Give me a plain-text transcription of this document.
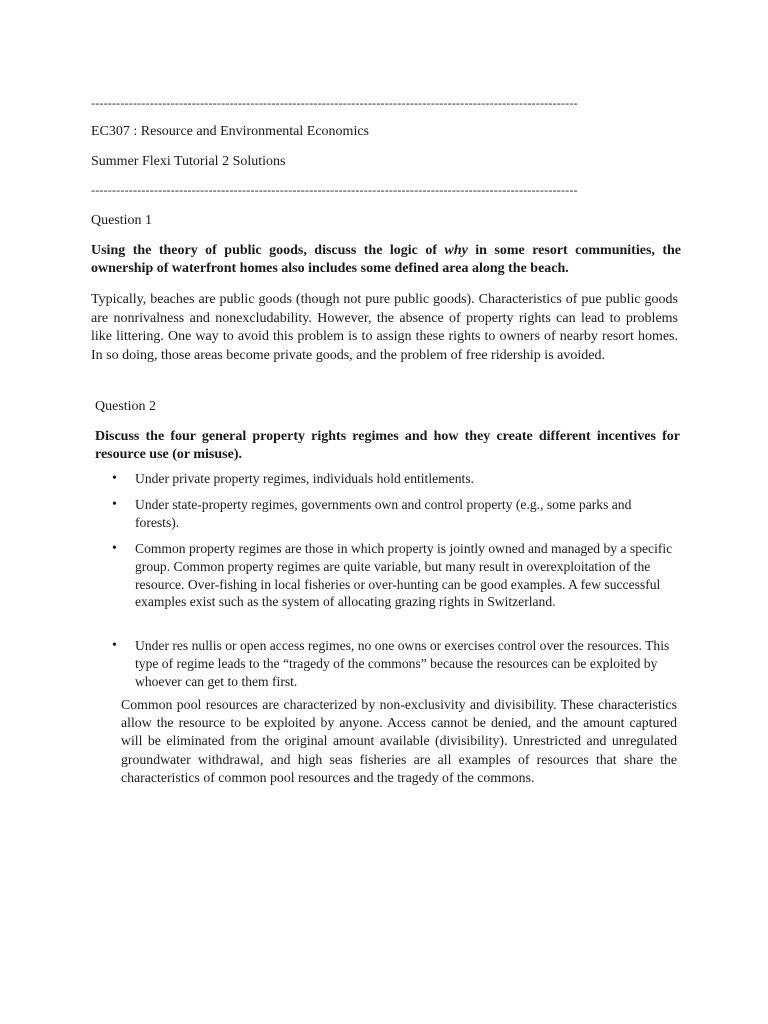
--------------------------------------------------------------------------------------------------------------------
EC307 : Resource and Environmental Economics
Summer Flexi Tutorial 2 Solutions
--------------------------------------------------------------------------------------------------------------------
Question 1
Using the theory of public goods, discuss the logic of why in some resort communities, the ownership of waterfront homes also includes some defined area along the beach.
Typically, beaches are public goods (though not pure public goods). Characteristics of pue public goods are nonrivalness and nonexcludability. However, the absence of property rights can lead to problems like littering. One way to avoid this problem is to assign these rights to owners of nearby resort homes. In so doing, those areas become private goods, and the problem of free ridership is avoided.
Question 2
Discuss the four general property rights regimes and how they create different incentives for resource use (or misuse).
• Under private property regimes, individuals hold entitlements.
• Under state-property regimes, governments own and control property (e.g., some parks and forests).
• Common property regimes are those in which property is jointly owned and managed by a specific group. Common property regimes are quite variable, but many result in overexploitation of the resource. Over-fishing in local fisheries or over-hunting can be good examples. A few successful examples exist such as the system of allocating grazing rights in Switzerland.
• Under res nullis or open access regimes, no one owns or exercises control over the resources. This type of regime leads to the “tragedy of the commons” because the resources can be exploited by whoever can get to them first.
Common pool resources are characterized by non-exclusivity and divisibility. These characteristics allow the resource to be exploited by anyone. Access cannot be denied, and the amount captured will be eliminated from the original amount available (divisibility). Unrestricted and unregulated groundwater withdrawal, and high seas fisheries are all examples of resources that share the characteristics of common pool resources and the tragedy of the commons.
